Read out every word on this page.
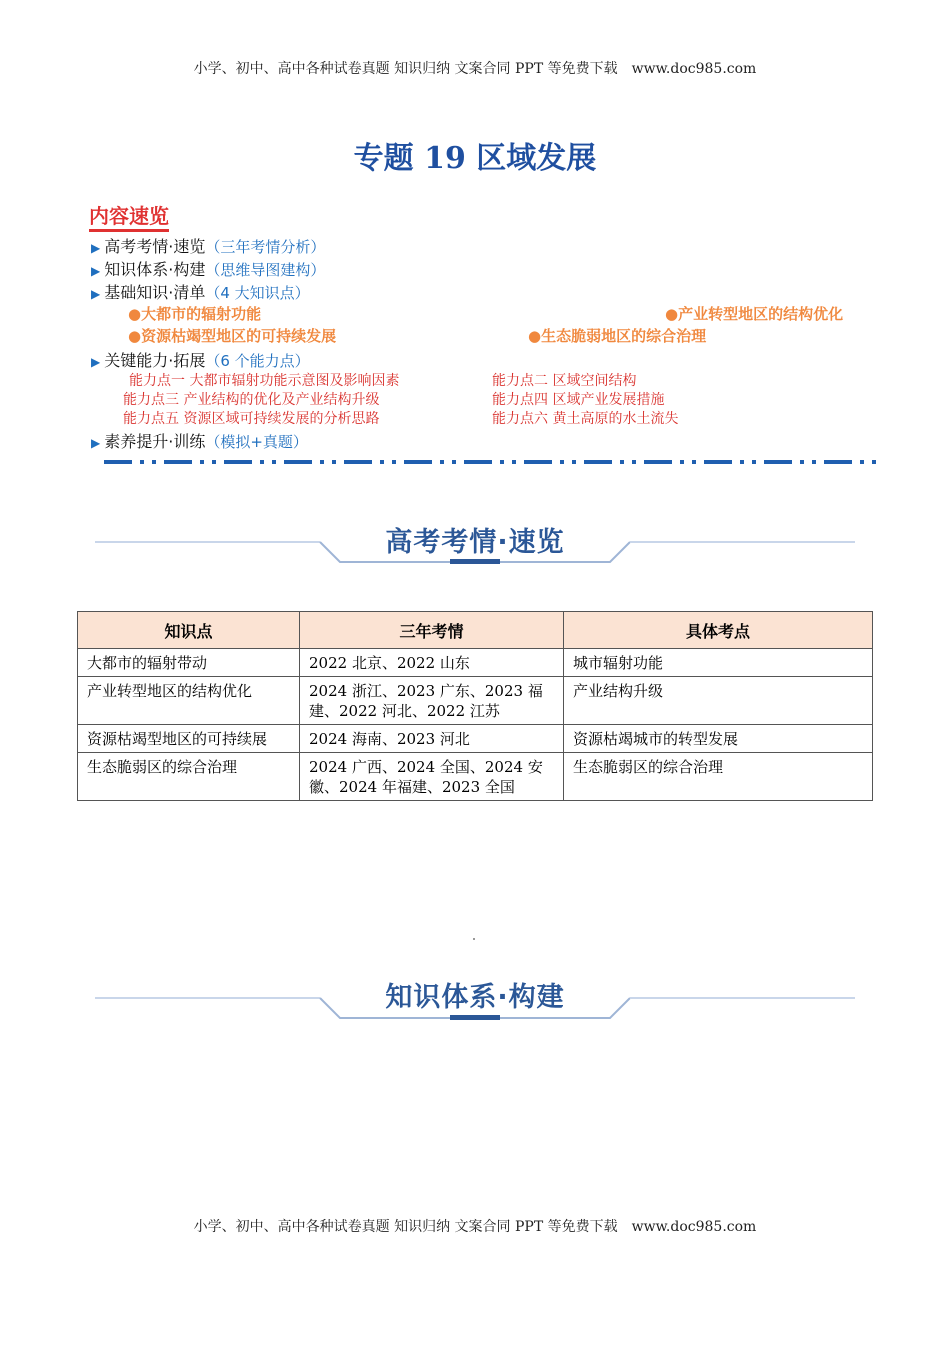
小学、初中、高中各种试卷真题 知识归纳 文案合同 PPT 等免费下载　www.doc985.com
专题 19 区域发展
内容速览
▶ 高考考情·速览（三年考情分析）
▶ 知识体系·构建（思维导图建构）
▶ 基础知识·清单（4 大知识点）
●大都市的辐射功能	●产业转型地区的结构优化
●资源枯竭型地区的可持续发展	●生态脆弱地区的综合治理
▶ 关键能力·拓展（6 个能力点）
能力点一 大都市辐射功能示意图及影响因素	能力点二 区域空间结构
能力点三 产业结构的优化及产业结构升级	能力点四 区域产业发展措施
能力点五 资源区域可持续发展的分析思路	能力点六 黄土高原的水土流失
▶ 素养提升·训练（模拟+真题）
高考考情·速览
知识点	三年考情	具体考点
大都市的辐射带动	2022 北京、2022 山东	城市辐射功能
产业转型地区的结构优化	2024 浙江、2023 广东、2023 福建、2022 河北、2022 江苏	产业结构升级
资源枯竭型地区的可持续展	2024 海南、2023 河北	资源枯竭城市的转型发展
生态脆弱区的综合治理	2024 广西、2024 全国、2024 安徽、2024 年福建、2023 全国	生态脆弱区的综合治理
知识体系·构建
小学、初中、高中各种试卷真题 知识归纳 文案合同 PPT 等免费下载　www.doc985.com
